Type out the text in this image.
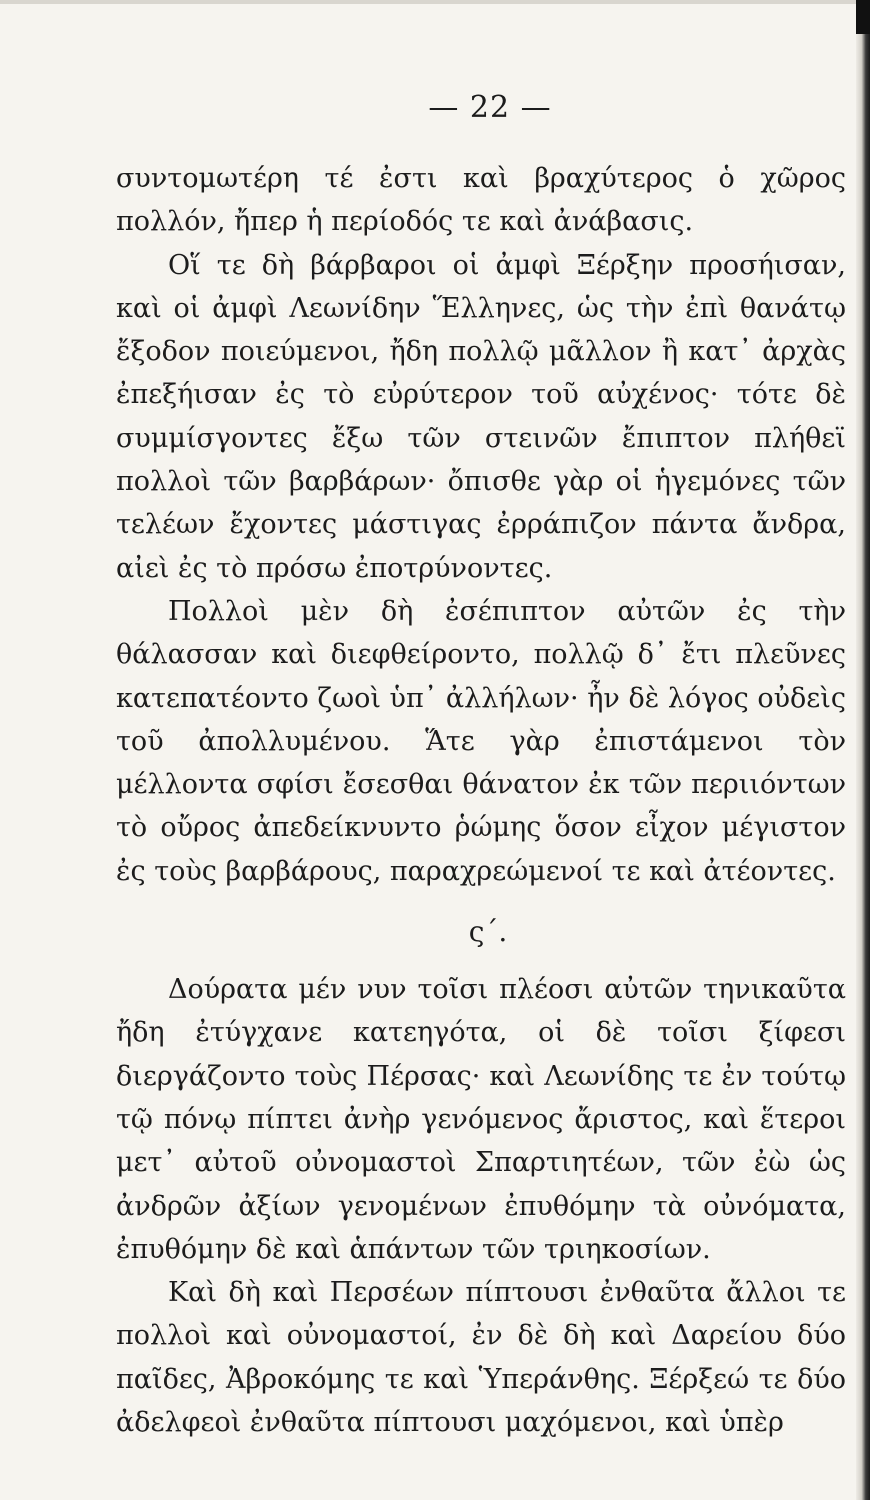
— 22 —

συντομωτέρη τέ ἐστι καὶ βραχύτερος ὁ χῶρος πολλόν, ἤπερ ἡ περίοδός τε καὶ ἀνάβασις.

Οἵ τε δὴ βάρβαροι οἱ ἀμφὶ Ξέρξην προσήισαν, καὶ οἱ ἀμφὶ Λεωνίδην Ἕλληνες, ὡς τὴν ἐπὶ θανάτῳ ἔξοδον ποιεύμενοι, ἤδη πολλῷ μᾶλλον ἢ κατ᾽ ἀρχὰς ἐπεξήισαν ἐς τὸ εὐρύτερον τοῦ αὐχένος· τότε δὲ συμμίσγοντες ἔξω τῶν στεινῶν ἔπιπτον πλήθεϊ πολλοὶ τῶν βαρβάρων· ὄπισθε γὰρ οἱ ἡγεμόνες τῶν τελέων ἔχοντες μάστιγας ἐρράπιζον πάντα ἄνδρα, αἰεὶ ἐς τὸ πρόσω ἐποτρύνοντες.

Πολλοὶ μὲν δὴ ἐσέπιπτον αὐτῶν ἐς τὴν θάλασσαν καὶ διεφθείροντο, πολλῷ δ᾽ ἔτι πλεῦνες κατεπατέοντο ζωοὶ ὑπ᾽ ἀλλήλων· ἦν δὲ λόγος οὐδεὶς τοῦ ἀπολλυμένου. Ἅτε γὰρ ἐπιστάμενοι τὸν μέλλοντα σφίσι ἔσεσθαι θάνατον ἐκ τῶν περιιόντων τὸ οὔρος ἀπεδείκνυντο ῥώμης ὅσον εἶχον μέγιστον ἐς τοὺς βαρβάρους, παραχρεώμενοί τε καὶ ἀτέοντες.

ς΄.

Δούρατα μέν νυν τοῖσι πλέοσι αὐτῶν τηνικαῦτα ἤδη ἐτύγχανε κατεηγότα, οἱ δὲ τοῖσι ξίφεσι διεργάζοντο τοὺς Πέρσας· καὶ Λεωνίδης τε ἐν τούτῳ τῷ πόνῳ πίπτει ἀνὴρ γενόμενος ἄριστος, καὶ ἕτεροι μετ᾽ αὐτοῦ οὐνομαστοὶ Σπαρτιητέων, τῶν ἐὼ ὡς ἀνδρῶν ἀξίων γενομένων ἐπυθόμην τὰ οὐνόματα, ἐπυθόμην δὲ καὶ ἁπάντων τῶν τριηκοσίων.

Καὶ δὴ καὶ Περσέων πίπτουσι ἐνθαῦτα ἄλλοι τε πολλοὶ καὶ οὐνομαστοί, ἐν δὲ δὴ καὶ Δαρείου δύο παῖδες, Ἀβροκόμης τε καὶ Ὑπεράνθης. Ξέρξεώ τε δύο ἀδελφεοὶ ἐνθαῦτα πίπτουσι μαχόμενοι, καὶ ὑπὲρ
